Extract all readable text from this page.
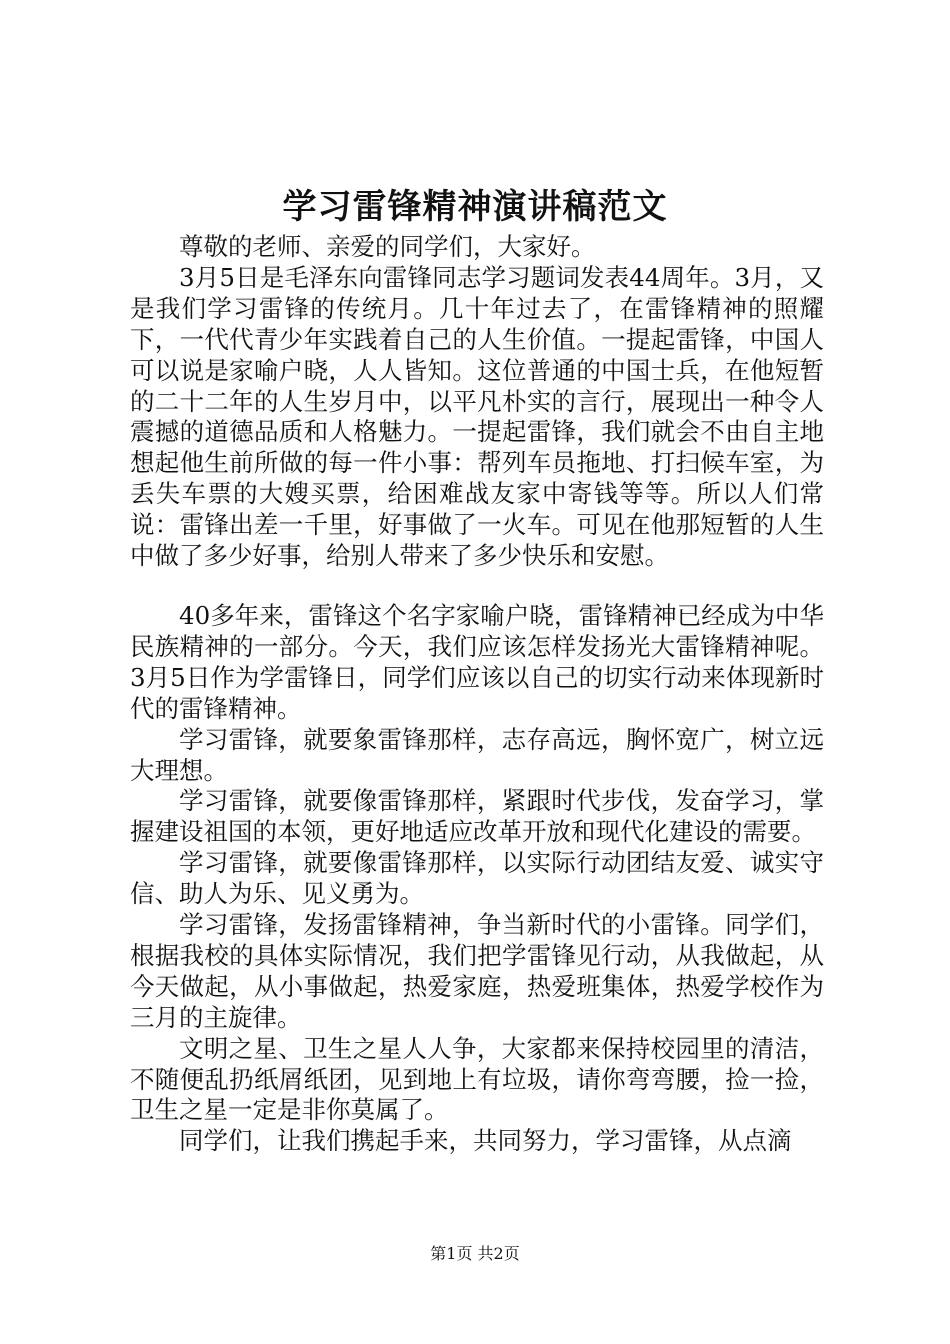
学习雷锋精神演讲稿范文

尊敬的老师、亲爱的同学们，大家好。

3月5日是毛泽东向雷锋同志学习题词发表44周年。3月，又是我们学习雷锋的传统月。几十年过去了，在雷锋精神的照耀下，一代代青少年实践着自己的人生价值。一提起雷锋，中国人可以说是家喻户晓，人人皆知。这位普通的中国士兵，在他短暂的二十二年的人生岁月中，以平凡朴实的言行，展现出一种令人震撼的道德品质和人格魅力。一提起雷锋，我们就会不由自主地想起他生前所做的每一件小事：帮列车员拖地、打扫候车室，为丢失车票的大嫂买票，给困难战友家中寄钱等等。所以人们常说：雷锋出差一千里，好事做了一火车。可见在他那短暂的人生中做了多少好事，给别人带来了多少快乐和安慰。

40多年来，雷锋这个名字家喻户晓，雷锋精神已经成为中华民族精神的一部分。今天，我们应该怎样发扬光大雷锋精神呢。3月5日作为学雷锋日，同学们应该以自己的切实行动来体现新时代的雷锋精神。

学习雷锋，就要象雷锋那样，志存高远，胸怀宽广，树立远大理想。

学习雷锋，就要像雷锋那样，紧跟时代步伐，发奋学习，掌握建设祖国的本领，更好地适应改革开放和现代化建设的需要。

学习雷锋，就要像雷锋那样，以实际行动团结友爱、诚实守信、助人为乐、见义勇为。

学习雷锋，发扬雷锋精神，争当新时代的小雷锋。同学们，根据我校的具体实际情况，我们把学雷锋见行动，从我做起，从今天做起，从小事做起，热爱家庭，热爱班集体，热爱学校作为三月的主旋律。

文明之星、卫生之星人人争，大家都来保持校园里的清洁，不随便乱扔纸屑纸团，见到地上有垃圾，请你弯弯腰，捡一捡，卫生之星一定是非你莫属了。

同学们，让我们携起手来，共同努力，学习雷锋，从点滴

第1页 共2页
